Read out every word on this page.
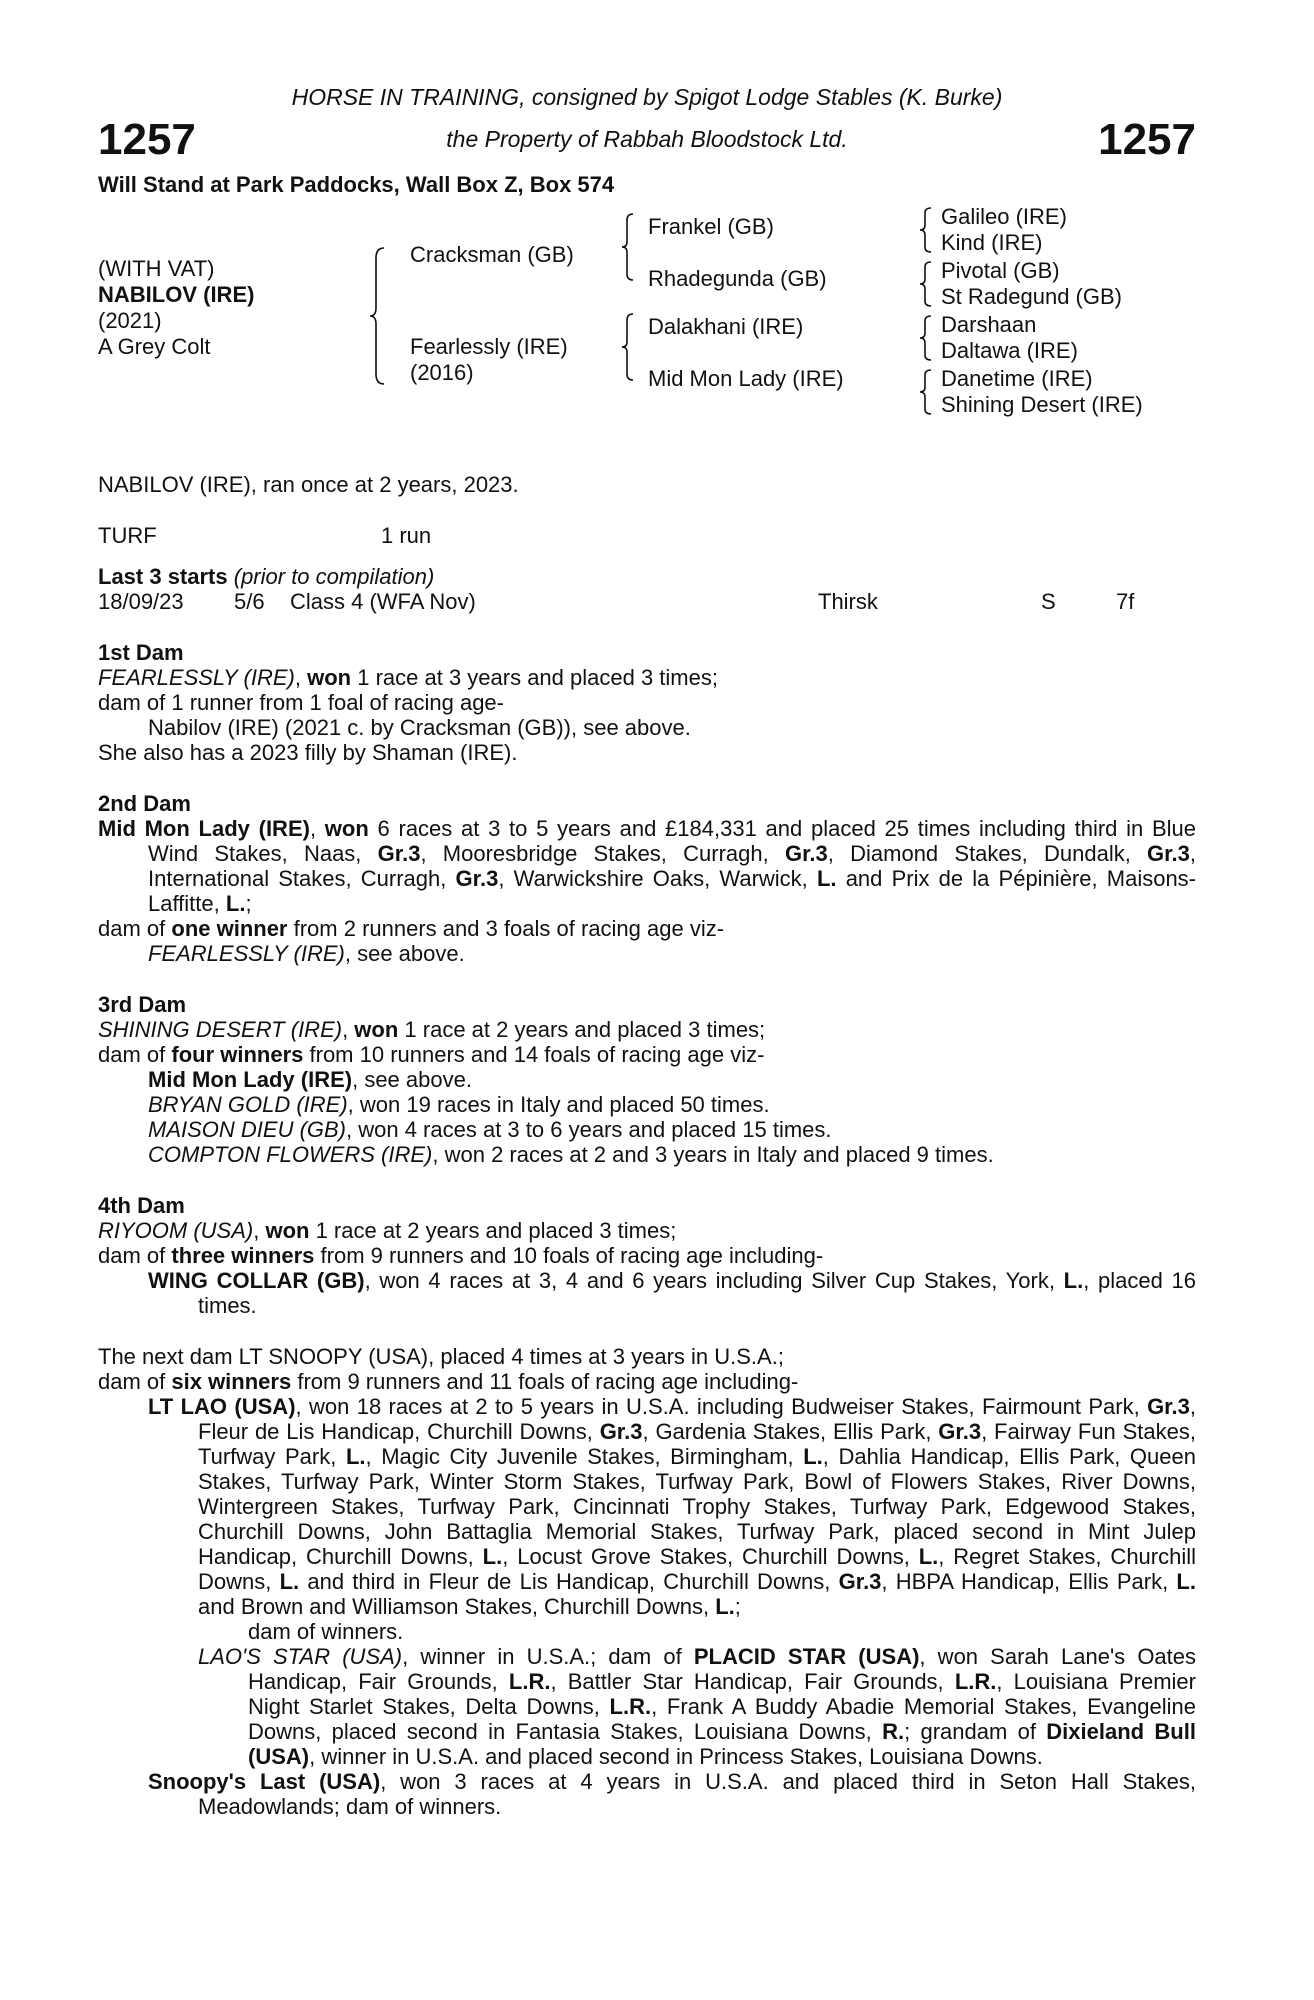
1257
HORSE IN TRAINING, consigned by Spigot Lodge Stables (K. Burke)
the Property of Rabbah Bloodstock Ltd.	1257
Will Stand at Park Paddocks, Wall Box Z, Box 574
(WITH VAT)
NABILOV (IRE)
(2021)
A Grey Colt
Cracksman (GB)
Fearlessly (IRE)
(2016)
Frankel (GB)
Rhadegunda (GB)
Dalakhani (IRE)
Mid Mon Lady (IRE)
Galileo (IRE)
Kind (IRE)
Pivotal (GB)
St Radegund (GB)
Darshaan
Daltawa (IRE)
Danetime (IRE)
Shining Desert (IRE)
NABILOV (IRE), ran once at 2 years, 2023.
TURF	1 run
Last 3 starts (prior to compilation)
18/09/23 5/6 Class 4 (WFA Nov)	Thirsk	S	7f
1st Dam
FEARLESSLY (IRE), won 1 race at 3 years and placed 3 times;
dam of 1 runner from 1 foal of racing age-
Nabilov (IRE) (2021 c. by Cracksman (GB)), see above.
She also has a 2023 filly by Shaman (IRE).
2nd Dam
Mid Mon Lady (IRE), won 6 races at 3 to 5 years and £184,331 and placed 25 times including third in Blue Wind Stakes, Naas, Gr.3, Mooresbridge Stakes, Curragh, Gr.3, Diamond Stakes, Dundalk, Gr.3, International Stakes, Curragh, Gr.3, Warwickshire Oaks, Warwick, L. and Prix de la Pépinière, Maisons-Laffitte, L.;
dam of one winner from 2 runners and 3 foals of racing age viz-
FEARLESSLY (IRE), see above.
3rd Dam
SHINING DESERT (IRE), won 1 race at 2 years and placed 3 times;
dam of four winners from 10 runners and 14 foals of racing age viz-
Mid Mon Lady (IRE), see above.
BRYAN GOLD (IRE), won 19 races in Italy and placed 50 times.
MAISON DIEU (GB), won 4 races at 3 to 6 years and placed 15 times.
COMPTON FLOWERS (IRE), won 2 races at 2 and 3 years in Italy and placed 9 times.
4th Dam
RIYOOM (USA), won 1 race at 2 years and placed 3 times;
dam of three winners from 9 runners and 10 foals of racing age including-
WING COLLAR (GB), won 4 races at 3, 4 and 6 years including Silver Cup Stakes, York, L., placed 16 times.
The next dam LT SNOOPY (USA), placed 4 times at 3 years in U.S.A.;
dam of six winners from 9 runners and 11 foals of racing age including-
LT LAO (USA), won 18 races at 2 to 5 years in U.S.A. including Budweiser Stakes, Fairmount Park, Gr.3, Fleur de Lis Handicap, Churchill Downs, Gr.3, Gardenia Stakes, Ellis Park, Gr.3, Fairway Fun Stakes, Turfway Park, L., Magic City Juvenile Stakes, Birmingham, L., Dahlia Handicap, Ellis Park, Queen Stakes, Turfway Park, Winter Storm Stakes, Turfway Park, Bowl of Flowers Stakes, River Downs, Wintergreen Stakes, Turfway Park, Cincinnati Trophy Stakes, Turfway Park, Edgewood Stakes, Churchill Downs, John Battaglia Memorial Stakes, Turfway Park, placed second in Mint Julep Handicap, Churchill Downs, L., Locust Grove Stakes, Churchill Downs, L., Regret Stakes, Churchill Downs, L. and third in Fleur de Lis Handicap, Churchill Downs, Gr.3, HBPA Handicap, Ellis Park, L. and Brown and Williamson Stakes, Churchill Downs, L.;
dam of winners.
LAO'S STAR (USA), winner in U.S.A.; dam of PLACID STAR (USA), won Sarah Lane's Oates Handicap, Fair Grounds, L.R., Battler Star Handicap, Fair Grounds, L.R., Louisiana Premier Night Starlet Stakes, Delta Downs, L.R., Frank A Buddy Abadie Memorial Stakes, Evangeline Downs, placed second in Fantasia Stakes, Louisiana Downs, R.; grandam of Dixieland Bull (USA), winner in U.S.A. and placed second in Princess Stakes, Louisiana Downs.
Snoopy's Last (USA), won 3 races at 4 years in U.S.A. and placed third in Seton Hall Stakes, Meadowlands; dam of winners.
